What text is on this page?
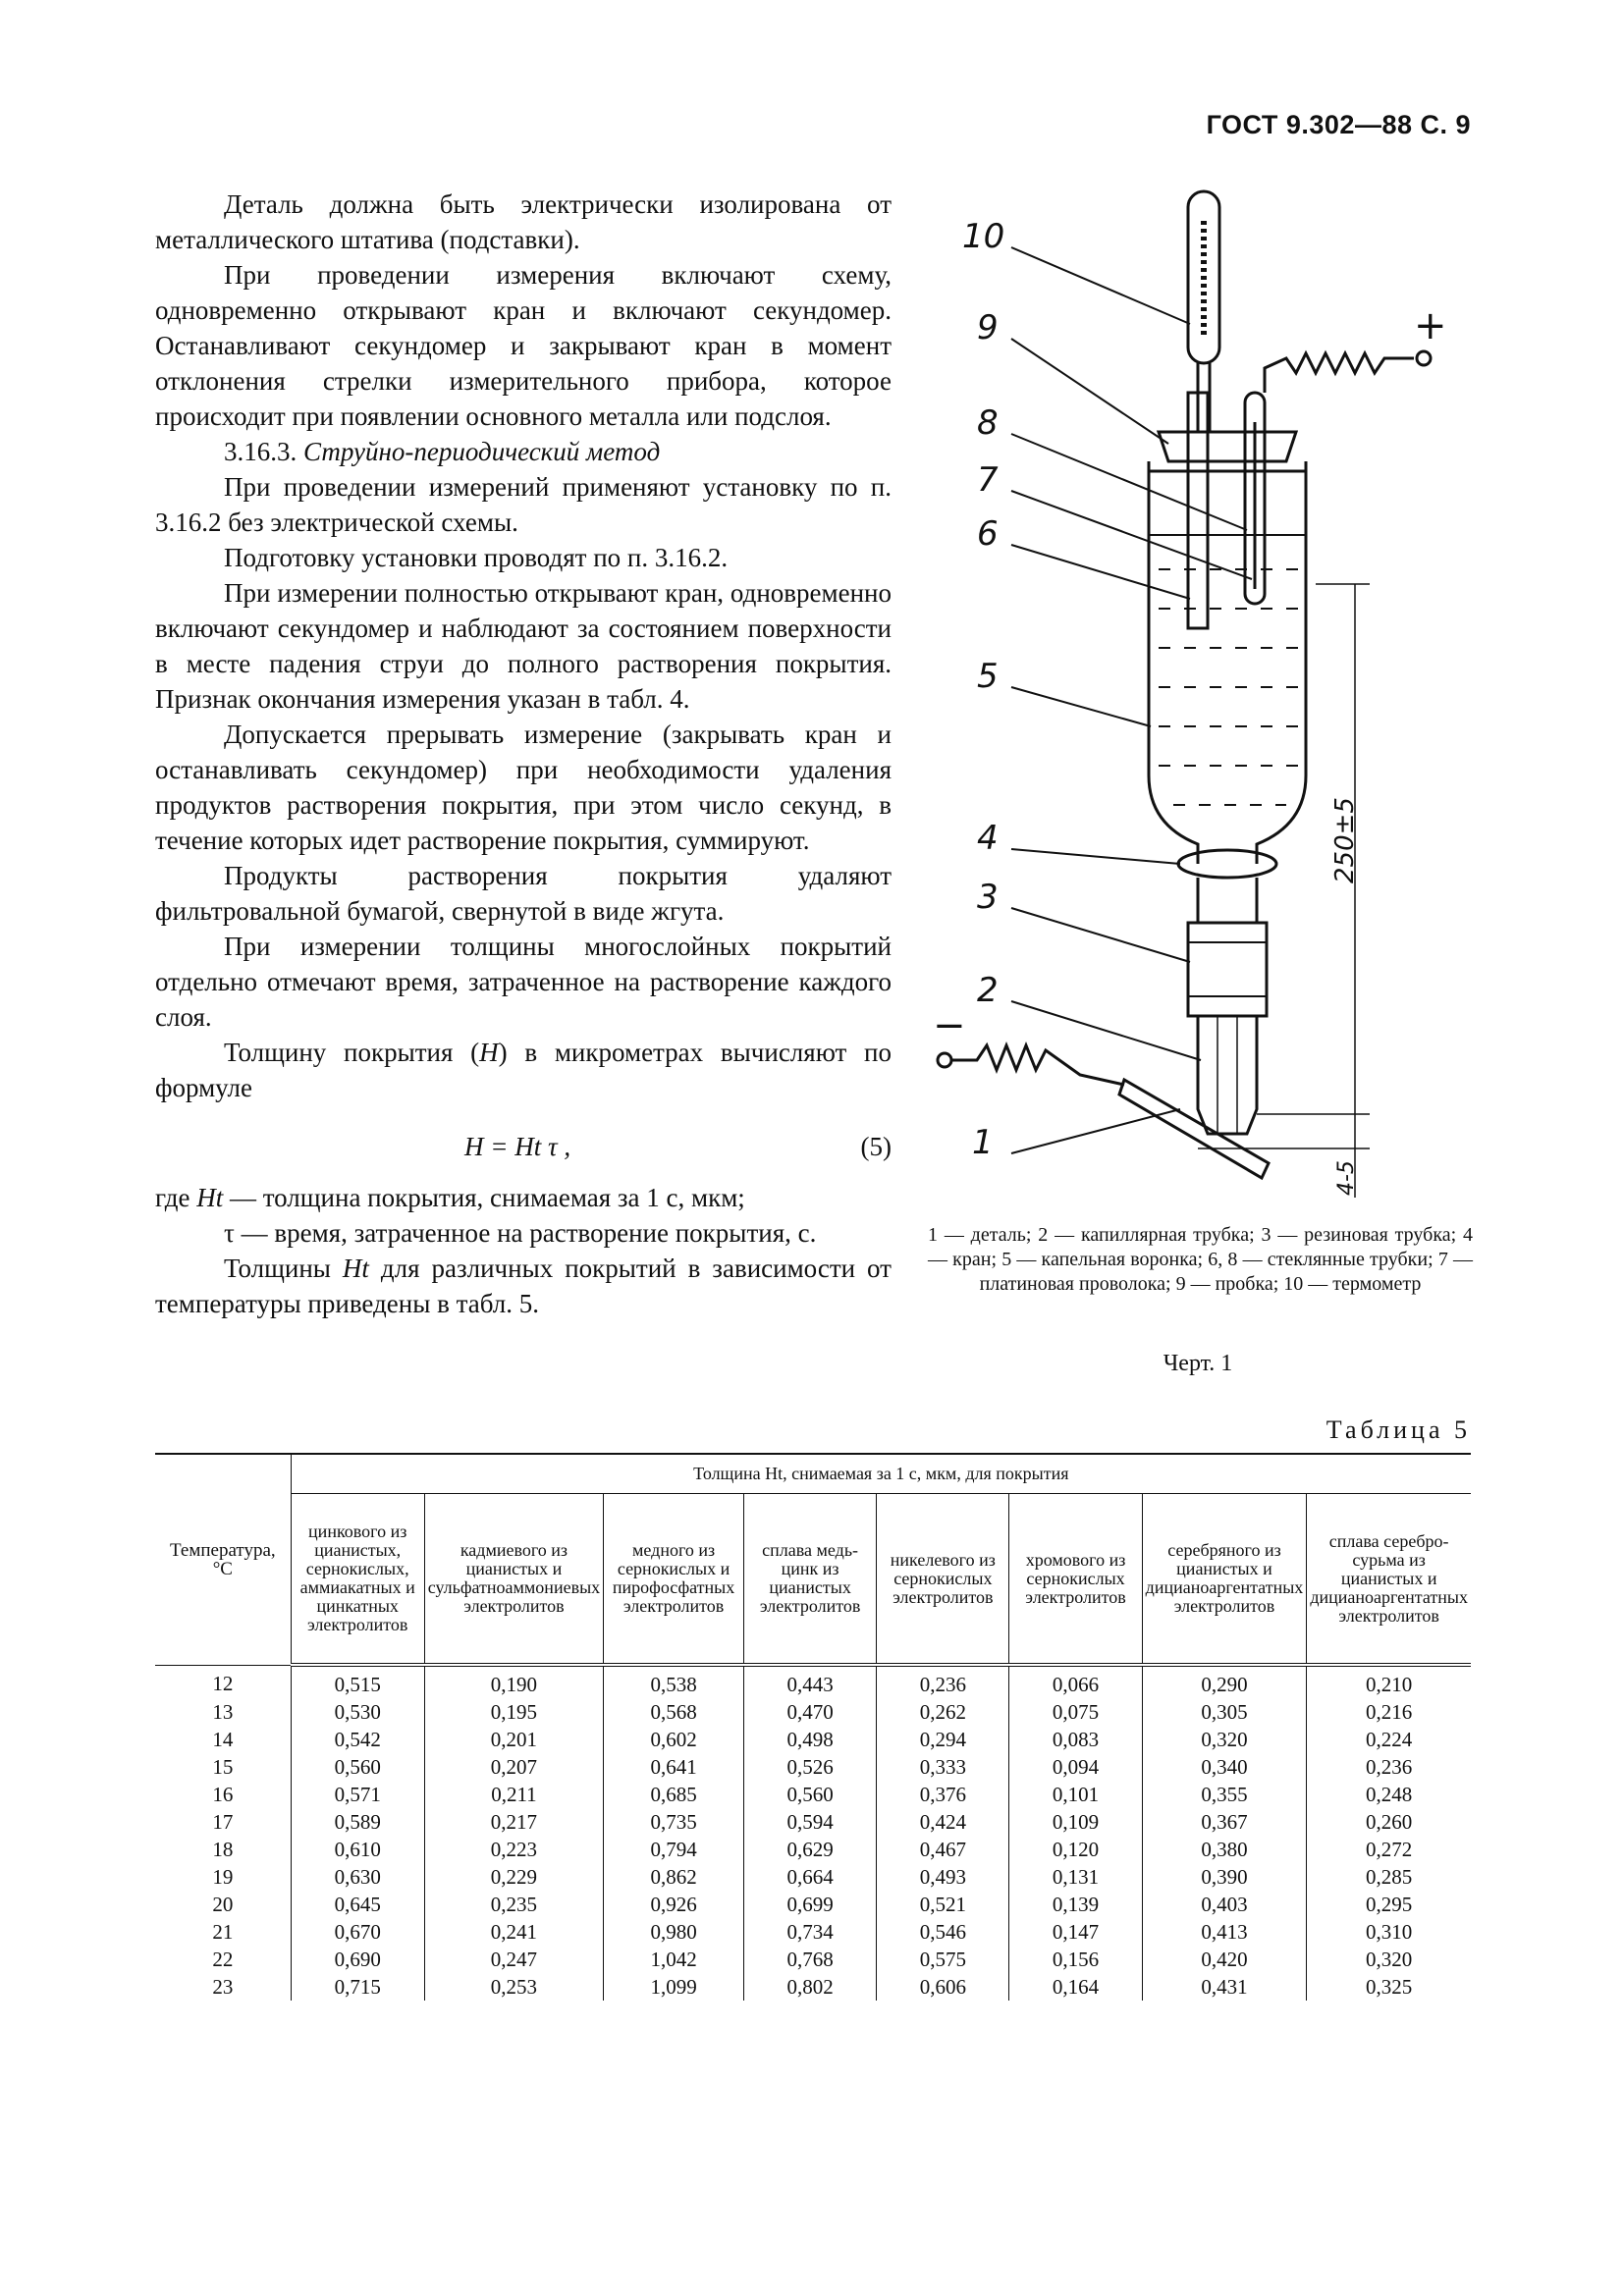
ГОСТ 9.302—88 С. 9

Деталь должна быть электрически изолирована от металлического штатива (подставки).

При проведении измерения включают схему, одновременно открывают кран и включают секундомер. Останавливают секундомер и закрывают кран в момент отклонения стрелки измерительного прибора, которое происходит при появлении основного металла или подслоя.

3.16.3. Струйно-периодический метод

При проведении измерений применяют установку по п. 3.16.2 без электрической схемы.

Подготовку установки проводят по п. 3.16.2.

При измерении полностью открывают кран, одновременно включают секундомер и наблюдают за состоянием поверхности в месте падения струи до полного растворения покрытия. Признак окончания измерения указан в табл. 4.

Допускается прерывать измерение (закрывать кран и останавливать секундомер) при необходимости удаления продуктов растворения покрытия, при этом число секунд, в течение которых идет растворение покрытия, суммируют.

Продукты растворения покрытия удаляют фильтровальной бумагой, свернутой в виде жгута.

При измерении толщины многослойных покрытий отдельно отмечают время, затраченное на растворение каждого слоя.

Толщину покрытия (H) в микрометрах вычисляют по формуле

H = Ht τ ,	(5)

где Ht — толщина покрытия, снимаемая за 1 с, мкм;

τ — время, затраченное на растворение покрытия, с.

Толщины Ht для различных покрытий в зависимости от температуры приведены в табл. 5.

1
2
3
4
5
6
7
8
9
10
+
−
250±5
4-5
1 — деталь; 2 — капиллярная трубка; 3 — резиновая трубка; 4 — кран; 5 — капельная воронка; 6, 8 — стеклянные трубки; 7 — платиновая проволока; 9 — пробка; 10 — термометр
Черт. 1
Таблица 5
Температура, °С	Толщина Ht, снимаемая за 1 с, мкм, для покрытия							
	цинкового из цианистых, сернокислых, аммиакатных и цинкатных электролитов	кадмиевого из цианистых и сульфатноаммониевых электролитов	медного из сернокислых и пирофосфатных электролитов	сплава медь-цинк из цианистых электролитов	никелевого из сернокислых электролитов	хромового из сернокислых электролитов	серебряного из цианистых и дицианоаргентатных электролитов	сплава серебро-сурьма из цианистых и дицианоаргентатных электролитов
12	0,515	0,190	0,538	0,443	0,236	0,066	0,290	0,210
13	0,530	0,195	0,568	0,470	0,262	0,075	0,305	0,216
14	0,542	0,201	0,602	0,498	0,294	0,083	0,320	0,224
15	0,560	0,207	0,641	0,526	0,333	0,094	0,340	0,236
16	0,571	0,211	0,685	0,560	0,376	0,101	0,355	0,248
17	0,589	0,217	0,735	0,594	0,424	0,109	0,367	0,260
18	0,610	0,223	0,794	0,629	0,467	0,120	0,380	0,272
19	0,630	0,229	0,862	0,664	0,493	0,131	0,390	0,285
20	0,645	0,235	0,926	0,699	0,521	0,139	0,403	0,295
21	0,670	0,241	0,980	0,734	0,546	0,147	0,413	0,310
22	0,690	0,247	1,042	0,768	0,575	0,156	0,420	0,320
23	0,715	0,253	1,099	0,802	0,606	0,164	0,431	0,325
